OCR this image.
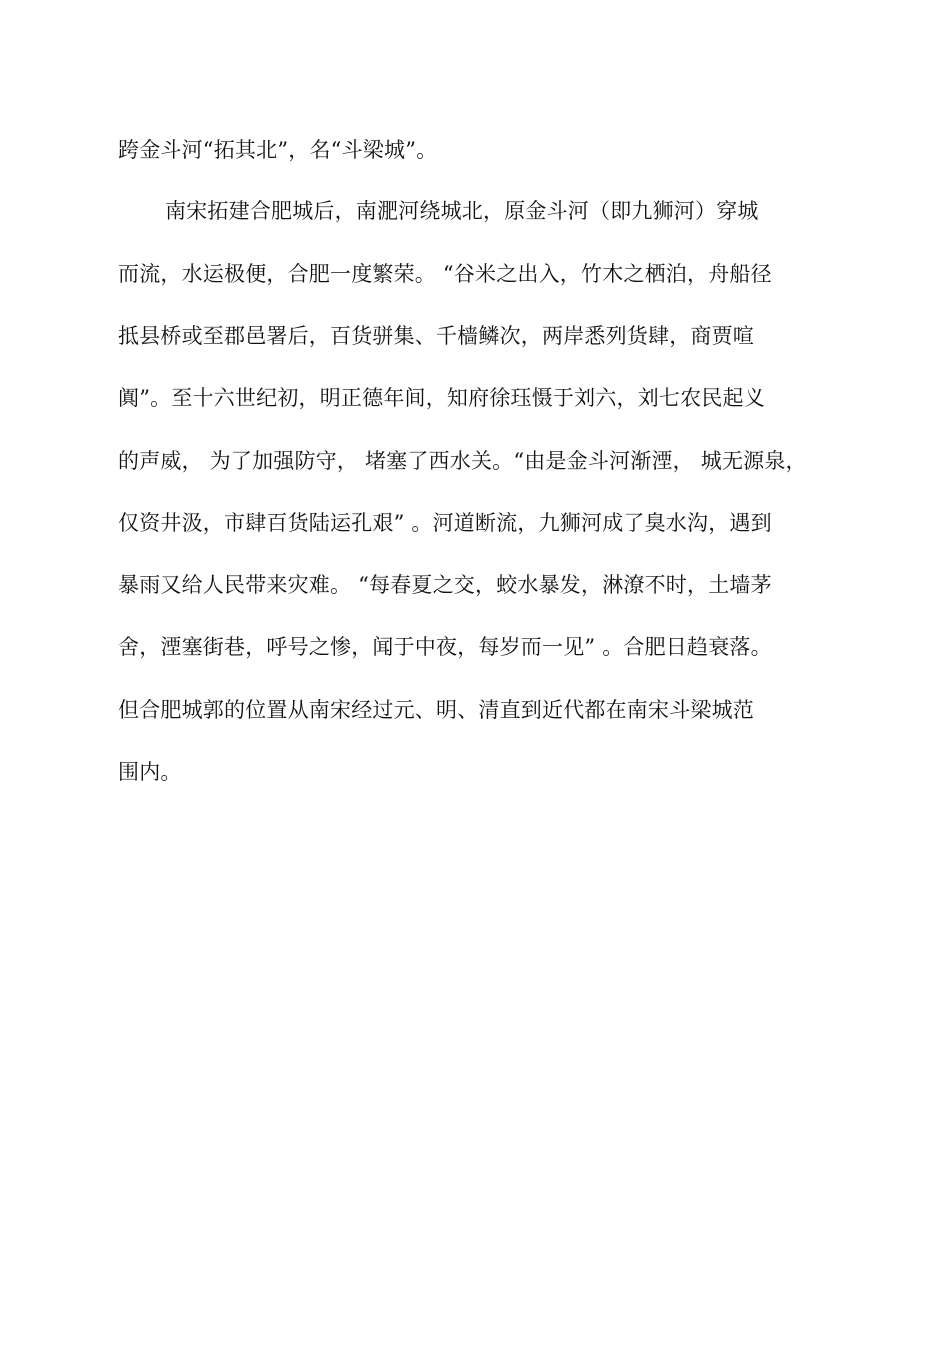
跨金斗河“拓其北”，名“斗梁城”。
南宋拓建合肥城后，南淝河绕城北，原金斗河（即九狮河）穿城
而流，水运极便，合肥一度繁荣。 “谷米之出入，竹木之栖泊，舟船径
抵县桥或至郡邑署后，百货骈集、千樯鳞次，两岸悉列货肆，商贾喧
阗”。至十六世纪初，明正德年间，知府徐珏慑于刘六，刘七农民起义
的声威， 为了加强防守， 堵塞了西水关。“由是金斗河渐湮， 城无源泉，
仅资井汲，市肆百货陆运孔艰” 。河道断流，九狮河成了臭水沟，遇到
暴雨又给人民带来灾难。 “每春夏之交，蛟水暴发，淋潦不时，土墙茅
舍，湮塞街巷，呼号之惨，闻于中夜，每岁而一见” 。合肥日趋衰落。
但合肥城郭的位置从南宋经过元、明、清直到近代都在南宋斗梁城范
围内。
